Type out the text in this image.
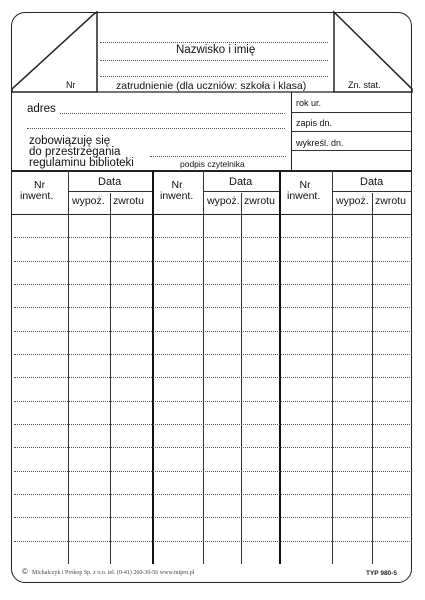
Nazwisko i imię
zatrudnienie (dla uczniów: szkoła i klasa)
Nr	Zn. stat.
rok ur.
zapis dn.
wykreśl. dn.
adres
zobowiązuję się
do przestrzegania
regulaminu biblioteki	podpis czytelnika
Nr
inwent.
Data
wypoż. zwrotu
Nr
inwent.
Data
wypoż. zwrotu
Nr
inwent.
Data
wypoż. zwrotu
Michalczyk i Prokop Sp. z o.o. tel. (0-41) 260-30-56 www.mipro.pl
©	TYP 980-5
